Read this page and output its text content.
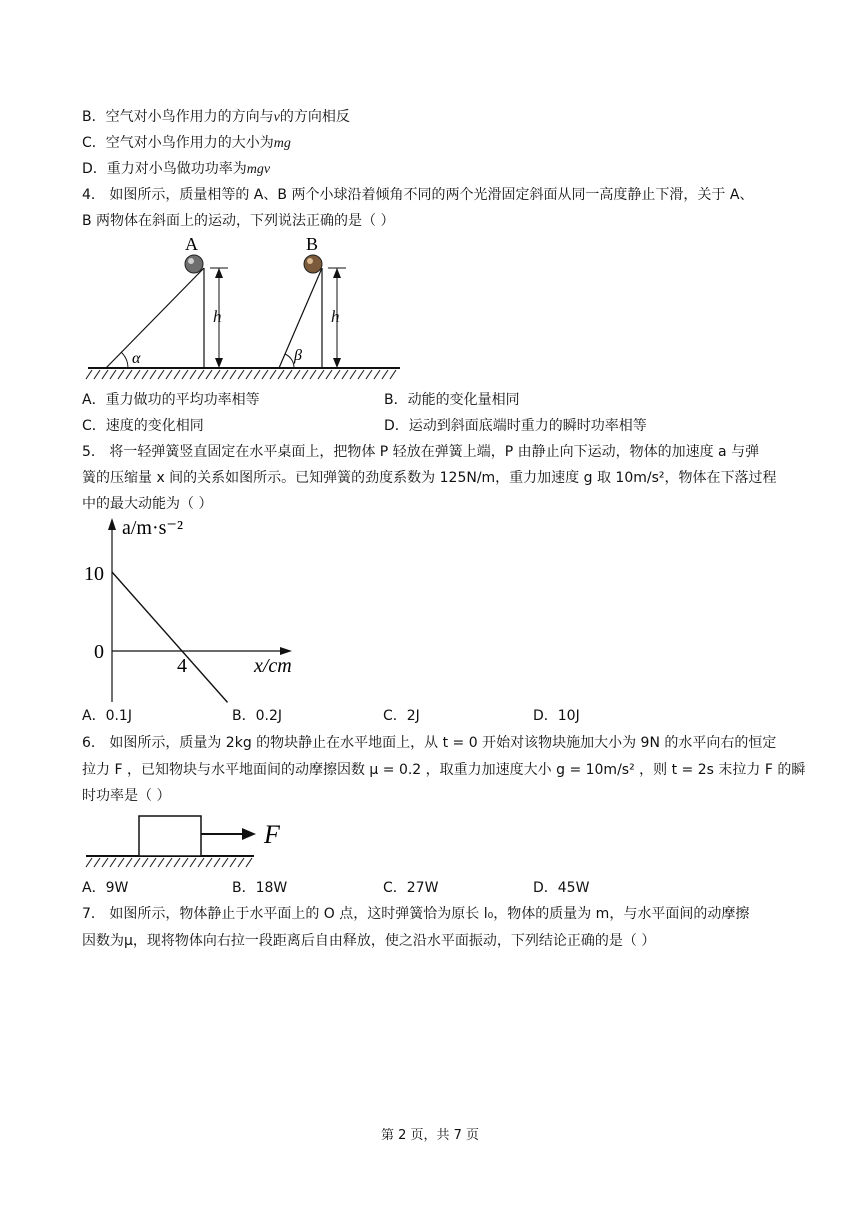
B．空气对小鸟作用力的方向与v的方向相反
C．空气对小鸟作用力的大小为mg
D．重力对小鸟做功功率为mgv
4． 如图所示，质量相等的 A、B 两个小球沿着倾角不同的两个光滑固定斜面从同一高度静止下滑，关于 A、
B 两物体在斜面上的运动，下列说法正确的是（ ）
α
A
h
β
B
h
A．重力做功的平均功率相等	B．动能的变化量相同
C．速度的变化相同	D．运动到斜面底端时重力的瞬时功率相等
5． 将一轻弹簧竖直固定在水平桌面上，把物体 P 轻放在弹簧上端，P 由静止向下运动，物体的加速度 a 与弹
簧的压缩量 x 间的关系如图所示。已知弹簧的劲度系数为 125N/m，重力加速度 g 取 10m/s²，物体在下落过程
中的最大动能为（ ）
a/m·s⁻²
x/cm
10
0
4
A．0.1J	B．0.2J	C．2J	D．10J
6． 如图所示，质量为 2kg 的物块静止在水平地面上，从 t = 0 开始对该物块施加大小为 9N 的水平向右的恒定
拉力 F ，已知物块与水平地面间的动摩擦因数 μ = 0.2 ，取重力加速度大小 g = 10m/s² ，则 t = 2s 末拉力 F 的瞬
时功率是（ ）
F
A．9W	B．18W	C．27W	D．45W
7． 如图所示，物体静止于水平面上的 O 点，这时弹簧恰为原长 l₀，物体的质量为 m，与水平面间的动摩擦
因数为μ，现将物体向右拉一段距离后自由释放，使之沿水平面振动，下列结论正确的是（ ）
第 2 页，共 7 页
